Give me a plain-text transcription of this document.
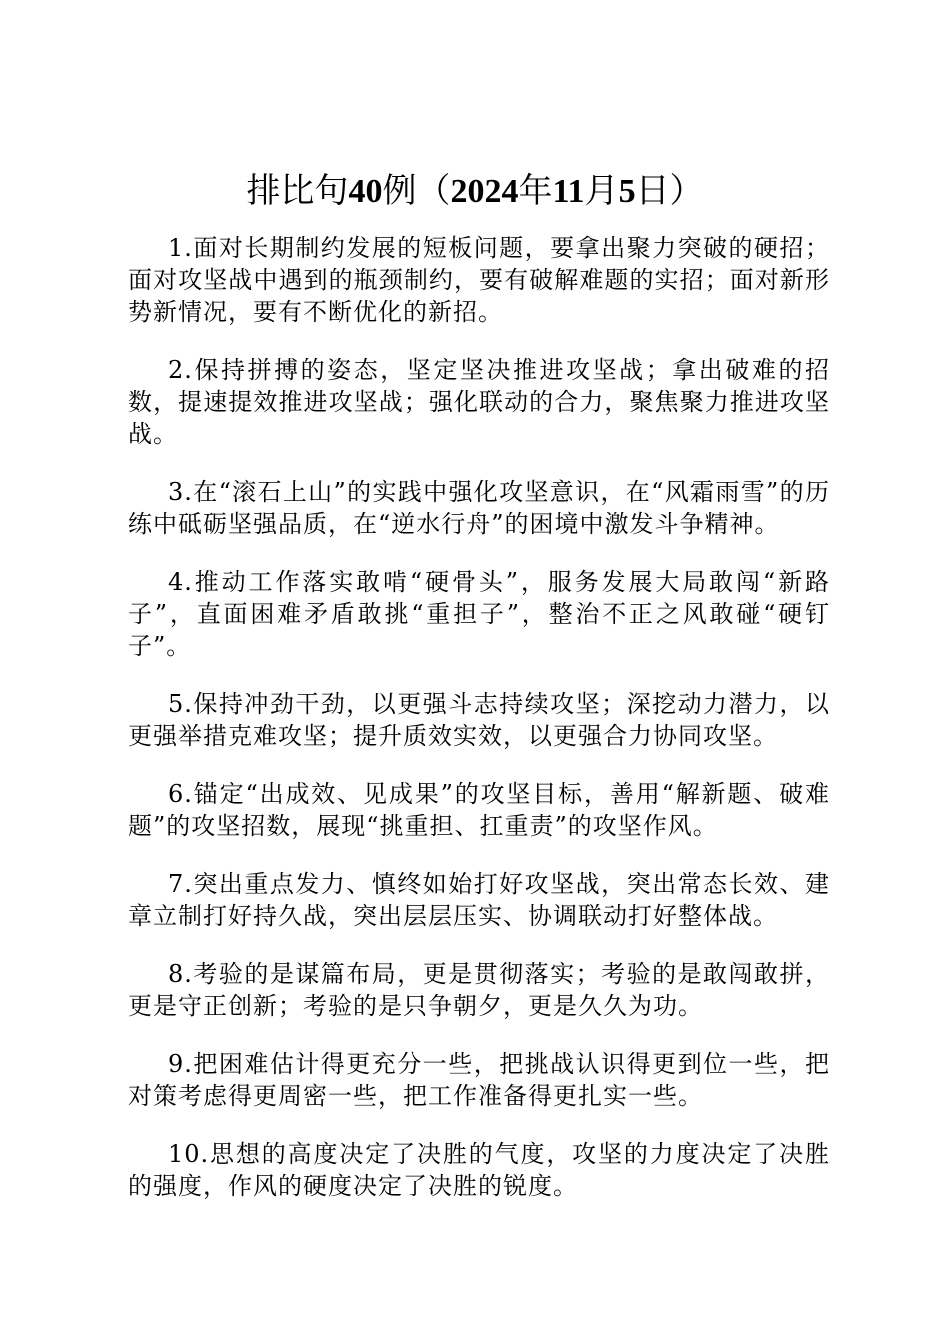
排比句40例（2024年11月5日）

1.面对长期制约发展的短板问题，要拿出聚力突破的硬招；面对攻坚战中遇到的瓶颈制约，要有破解难题的实招；面对新形势新情况，要有不断优化的新招。

2.保持拼搏的姿态，坚定坚决推进攻坚战；拿出破难的招数，提速提效推进攻坚战；强化联动的合力，聚焦聚力推进攻坚战。

3.在“滚石上山”的实践中强化攻坚意识，在“风霜雨雪”的历练中砥砺坚强品质，在“逆水行舟”的困境中激发斗争精神。

4.推动工作落实敢啃“硬骨头”，服务发展大局敢闯“新路子”，直面困难矛盾敢挑“重担子”，整治不正之风敢碰“硬钉子”。

5.保持冲劲干劲，以更强斗志持续攻坚；深挖动力潜力，以更强举措克难攻坚；提升质效实效，以更强合力协同攻坚。

6.锚定“出成效、见成果”的攻坚目标，善用“解新题、破难题”的攻坚招数，展现“挑重担、扛重责”的攻坚作风。

7.突出重点发力、慎终如始打好攻坚战，突出常态长效、建章立制打好持久战，突出层层压实、协调联动打好整体战。

8.考验的是谋篇布局，更是贯彻落实；考验的是敢闯敢拼，更是守正创新；考验的是只争朝夕，更是久久为功。

9.把困难估计得更充分一些，把挑战认识得更到位一些，把对策考虑得更周密一些，把工作准备得更扎实一些。

10.思想的高度决定了决胜的气度，攻坚的力度决定了决胜的强度，作风的硬度决定了决胜的锐度。
